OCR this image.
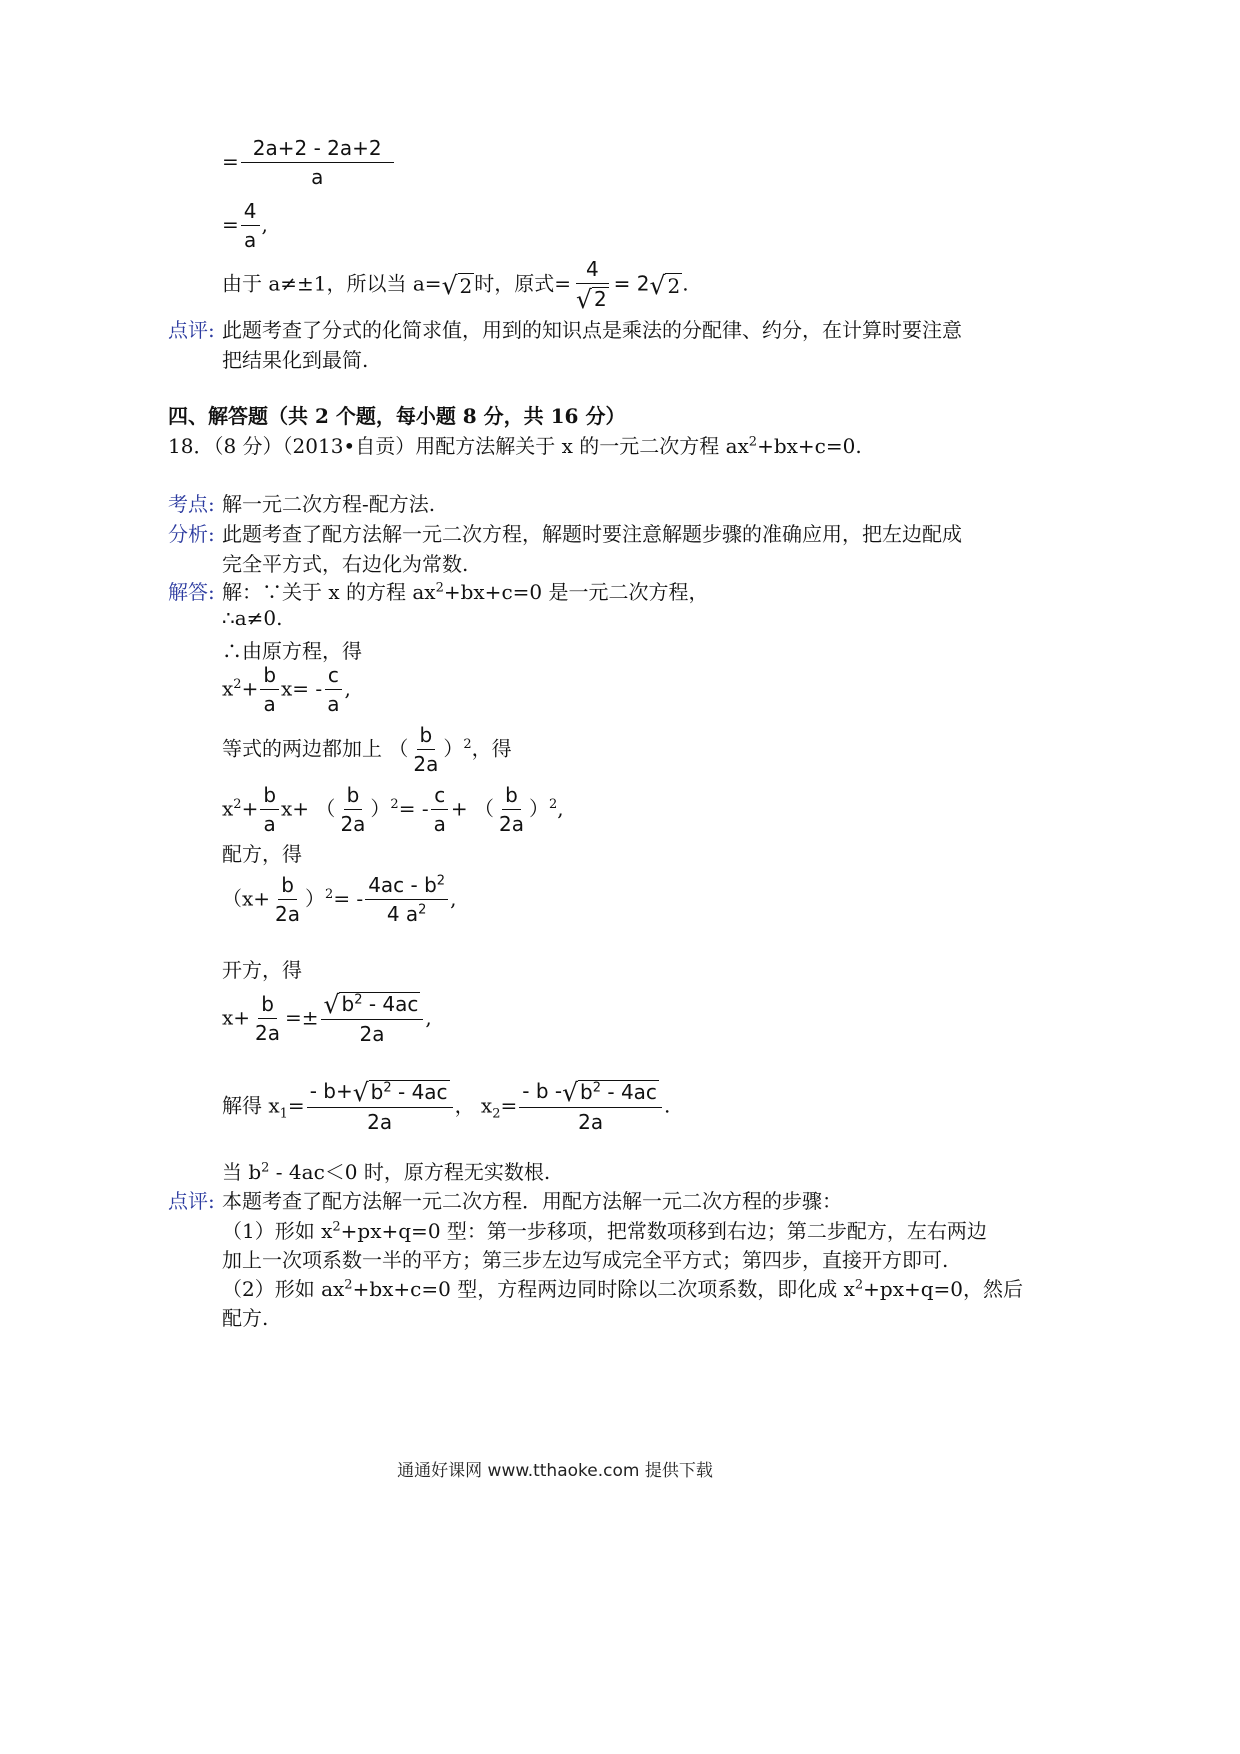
= $\frac{2a+2 - 2a+2}{a}$
= $\frac{4}{a}$ ,
由于 a≠±1，所以当 a= √ 2 时，原式= $\frac{4}{√ 2} = 2$ √ 2 .
点评: 此题考查了分式的化简求值，用到的知识点是乘法的分配律、约分，在计算时要注意
把结果化到最简.
四、解答题（共 2 个题，每小题 8 分，共 16 分）
18．（8 分）（2013•自贡）用配方法解关于 x 的一元二次方程 $ax^2+bx+c=0$.
考点: 解一元二次方程-配方法.
分析: 此题考查了配方法解一元二次方程，解题时要注意解题步骤的准确应用，把左边配成
完全平方式，右边化为常数.
解答: 解：∵关于 x 的方程 $ax^2+bx+c=0$ 是一元二次方程，
∴a≠0.
∴由原方程，得
$x^2+ \frac{b}{a} x= - \frac{c}{a}$ ,
等式的两边都加上 （ $\frac{b}{2a} )^2$，得
$x^2+ \frac{b}{a} x+$ （ $\frac{b}{2a} )^2= - \frac{c}{a}$ + （ $\frac{b}{2a} )^2$,
配方，得
$(x+ \frac{b}{2a} )^2= - \frac{4ac - b^2}{4 a^2}$ ,
开方，得
$x+ \frac{b}{2a} =\pm \frac{√ b^2 - 4ac}{2a}$ ,
解得 $x_1= \frac{- b+ √ b^2 - 4ac}{2a}$ ， $x_2= \frac{- b - √ b^2 - 4ac}{2a}$ .
当 $b^2 - 4ac<0$ 时，原方程无实数根.
点评: 本题考查了配方法解一元二次方程．用配方法解一元二次方程的步骤：
（1）形如 $x^2+px+q=0$ 型：第一步移项，把常数项移到右边；第二步配方，左右两边
加上一次项系数一半的平方；第三步左边写成完全平方式；第四步，直接开方即可.
（2）形如 $ax^2+bx+c=0$ 型，方程两边同时除以二次项系数，即化成 $x^2+px+q=0$，然后
配方.
通通好课网 www.tthaoke.com 提供下载
